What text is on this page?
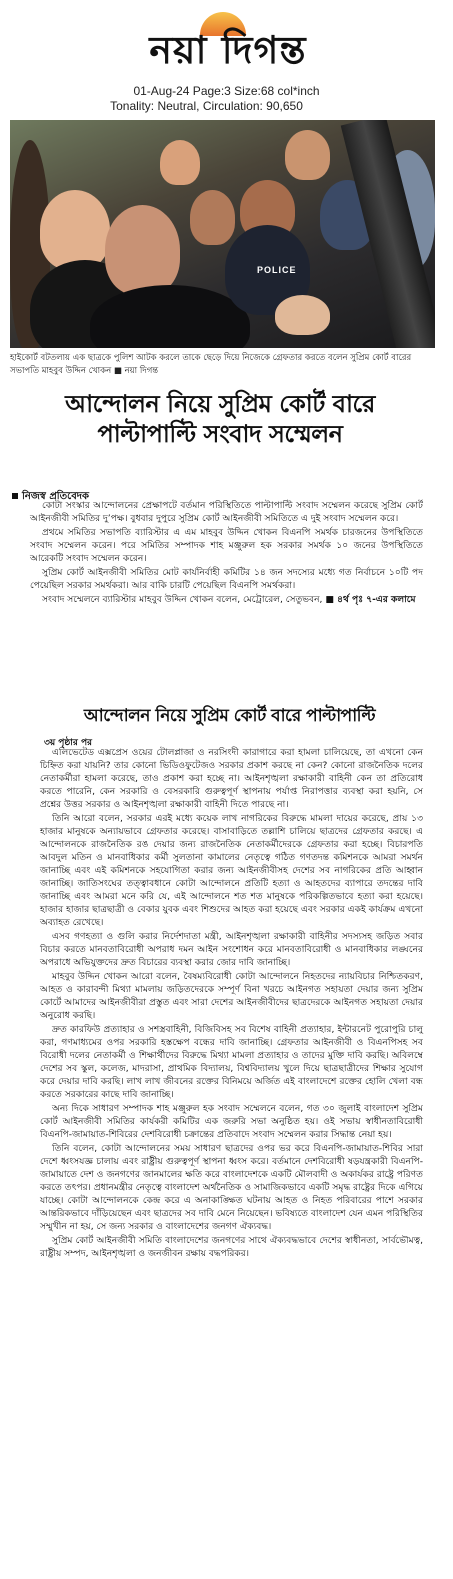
নয়া দিগন্ত
01-Aug-24 Page:3 Size:68 col*inch
Tonality: Neutral, Circulation: 90,650
POLICE
হাইকোর্ট বটতলায় এক ছাত্রকে পুলিশ আটক করলে তাকে ছেড়ে দিয়ে নিজেকে গ্রেফতার করতে বলেন সুপ্রিম কোর্ট বারের সভাপতি মাহবুব উদ্দিন খোকন ■ নয়া দিগন্ত
আন্দোলন নিয়ে সুপ্রিম কোর্ট বারে পাল্টাপাল্টি সংবাদ সম্মেলন
নিজস্ব প্রতিবেদক

কোটা সংস্কার আন্দোলনের প্রেক্ষাপটে বর্তমান পরিস্থিতিতে পাল্টাপাল্টি সংবাদ সম্মেলন করেছে সুপ্রিম কোর্ট আইনজীবী সমিতির দু’পক্ষ। বুধবার দুপুরে সুপ্রিম কোর্ট আইনজীবী সমিতিতে এ দুই সংবাদ সম্মেলন করে।

প্রথমে সমিতির সভাপতি ব্যারিস্টার এ এম মাহবুব উদ্দিন খোকন বিএনপি সমর্থক চারজনের উপস্থিতিতে সংবাদ সম্মেলন করেন। পরে সমিতির সম্পাদক শাহ মঞ্জুরুল হক সরকার সমর্থক ১০ জনের উপস্থিতিতে আরেকটি সংবাদ সম্মেলন করেন।

সুপ্রিম কোর্ট আইনজীবী সমিতির মোট কার্যনির্বাহী কমিটির ১৪ জন সদস্যের মধ্যে গত নির্বাচনে ১০টি পদ পেয়েছিল সরকার সমর্থকরা। আর বাকি চারটি পেয়েছিল বিএনপি সমর্থকরা।

সংবাদ সম্মেলনে ব্যারিস্টার মাহবুব উদ্দিন খোকন বলেন, মেট্রোরেল, সেতুভবন, ■ ৪র্থ পৃঃ ৭-এর কলামে

আন্দোলন নিয়ে সুপ্রিম কোর্ট বারে পাল্টাপাল্টি
৩য় পৃষ্ঠার পর

এলিভেটেড এক্সপ্রেস ওয়ের টোলপ্লাজা ও নরসিংদী কারাগারে করা হামলা চালিয়েছে, তা এখনো কেন চিহ্নিত করা যায়নি? তার কোনো ভিডিওফুটেজও সরকার প্রকাশ করছে না কেন? কোনো রাজনৈতিক দলের নেতাকর্মীরা হামলা করেছে, তাও প্রকাশ করা হচ্ছে না। আইনশৃঙ্খলা রক্ষাকারী বাহিনী কেন তা প্রতিরোধ করতে পারেনি, কেন সরকারি ও বেসরকারি গুরুত্বপূর্ণ স্থাপনায় পর্যাপ্ত নিরাপত্তার ব্যবস্থা করা হয়নি, সে প্রশ্নের উত্তর সরকার ও আইনশৃঙ্খলা রক্ষাকারী বাহিনী দিতে পারছে না।

তিনি আরো বলেন, সরকার এরই মধ্যে কয়েক লাখ নাগরিকের বিরুদ্ধে মামলা দায়ের করেছে, প্রায় ১৩ হাজার মানুষকে অন্যায়ভাবে গ্রেফতার করেছে। বাসাবাড়িতে তল্লাশি চালিয়ে ছাত্রদের গ্রেফতার করছে। এ আন্দোলনকে রাজনৈতিক রঙ দেয়ার জন্য রাজনৈতিক নেতাকর্মীদেরকে গ্রেফতার করা হচ্ছে। বিচারপতি আবদুল মতিন ও মানবাধিকার কর্মী সুলতানা কামালের নেতৃত্বে গঠিত গণতদন্ত কমিশনকে আমরা সমর্থন জানাচ্ছি এবং এই কমিশনকে সহযোগিতা করার জন্য আইনজীবীসহ দেশের সব নাগরিকের প্রতি আহ্বান জানাচ্ছি। জাতিসংঘের তত্ত্বাবধানে কোটা আন্দোলনে প্রতিটি হত্যা ও আহতদের ব্যাপারে তদন্তের দাবি জানাচ্ছি এবং আমরা মনে করি যে, এই আন্দোলনে শত শত মানুষকে পরিকল্পিতভাবে হত্যা করা হয়েছে। হাজার হাজার ছাত্রছাত্রী ও বেকার যুবক এবং শিশুদের আহত করা হয়েছে এবং সরকার একই কার্যক্রম এখনো অব্যাহত রেখেছে।

এসব গণহত্যা ও গুলি করার নির্দেশদাতা মন্ত্রী, আইনশৃঙ্খলা রক্ষাকারী বাহিনীর সদস্যসহ জড়িত সবার বিচার করতে মানবতাবিরোধী অপরাধ দমন আইন সংশোধন করে মানবতাবিরোধী ও মানবাধিকার লঙ্ঘনের অপরাধে অভিযুক্তদের দ্রুত বিচারের ব্যবস্থা করার জোর দাবি জানাচ্ছি।

মাহবুব উদ্দিন খোকন আরো বলেন, বৈষম্যবিরোধী কোটা আন্দোলনে নিহতদের ন্যায়বিচার নিশ্চিতকরণ, আহত ও কারাবন্দী মিথ্যা মামলায় জড়িতদেরকে সম্পূর্ণ বিনা খরচে আইনগত সহায়তা দেয়ার জন্য সুপ্রিম কোর্টে আমাদের আইনজীবীরা প্রস্তুত এবং সারা দেশের আইনজীবীদের ছাত্রদেরকে আইনগত সহায়তা দেয়ার অনুরোধ করছি।

দ্রুত কারফিউ প্রত্যাহার ও সশস্ত্রবাহিনী, বিজিবিসহ সব বিশেষ বাহিনী প্রত্যাহার, ইন্টারনেট পুরোপুরি চালু করা, গণমাধ্যমের ওপর সরকারি হস্তক্ষেপ বন্ধের দাবি জানাচ্ছি। গ্রেফতার আইনজীবী ও বিএনপিসহ সব বিরোধী দলের নেতাকর্মী ও শিক্ষার্থীদের বিরুদ্ধে মিথ্যা মামলা প্রত্যাহার ও তাদের মুক্তি দাবি করছি। অবিলম্বে দেশের সব স্কুল, কলেজ, মাদরাসা, প্রাথমিক বিদ্যালয়, বিশ্ববিদ্যালয় খুলে দিয়ে ছাত্রছাত্রীদের শিক্ষার সুযোগ করে দেয়ার দাবি করছি। লাখ লাখ জীবনের রক্তের বিনিময়ে অর্জিত এই বাংলাদেশে রক্তের হোলি খেলা বন্ধ করতে সরকারের কাছে দাবি জানাচ্ছি।

অন্য দিকে সাধারণ সম্পাদক শাহ মঞ্জুরুল হক সংবাদ সম্মেলনে বলেন, গত ৩০ জুলাই বাংলাদেশ সুপ্রিম কোর্ট আইনজীবী সমিতির কার্যকরী কমিটির এক জরুরি সভা অনুষ্ঠিত হয়। ওই সভায় স্বাধীনতাবিরোধী বিএনপি-জামায়াত-শিবিরের দেশবিরোধী চক্রান্তের প্রতিবাদে সংবাদ সম্মেলন করার সিদ্ধান্ত নেয়া হয়।

তিনি বলেন, কোটা আন্দোলনের সময় সাধারণ ছাত্রদের ওপর ভর করে বিএনপি-জামায়াত-শিবির সারা দেশে ধ্বংসযজ্ঞ চালায় এবং রাষ্ট্রীয় গুরুত্বপূর্ণ স্থাপনা ধ্বংস করে। বর্তমানে দেশবিরোধী ষড়যন্ত্রকারী বিএনপি-জামায়াতে দেশ ও জনগণের জানমালের ক্ষতি করে বাংলাদেশকে একটি মৌলবাদী ও অকার্যকর রাষ্ট্রে পরিণত করতে তৎপর। প্রধানমন্ত্রীর নেতৃত্বে বাংলাদেশ অর্থনৈতিক ও সামাজিকভাবে একটি সমৃদ্ধ রাষ্ট্রের দিকে এগিয়ে যাচ্ছে। কোটা আন্দোলনকে কেন্দ্র করে এ অনাকাঙ্ক্ষিত ঘটনায় আহত ও নিহত পরিবারের পাশে সরকার আন্তরিকভাবে দাঁড়িয়েছেন এবং ছাত্রদের সব দাবি মেনে নিয়েছেন। ভবিষ্যতে বাংলাদেশ যেন এমন পরিস্থিতির সম্মুখীন না হয়, সে জন্য সরকার ও বাংলাদেশের জনগণ ঐক্যবদ্ধ।

সুপ্রিম কোর্ট আইনজীবী সমিতি বাংলাদেশের জনগণের সাথে ঐক্যবদ্ধভাবে দেশের স্বাধীনতা, সার্বভৌমত্ব, রাষ্ট্রীয় সম্পদ, আইনশৃঙ্খলা ও জনজীবন রক্ষায় বদ্ধপরিকর।
